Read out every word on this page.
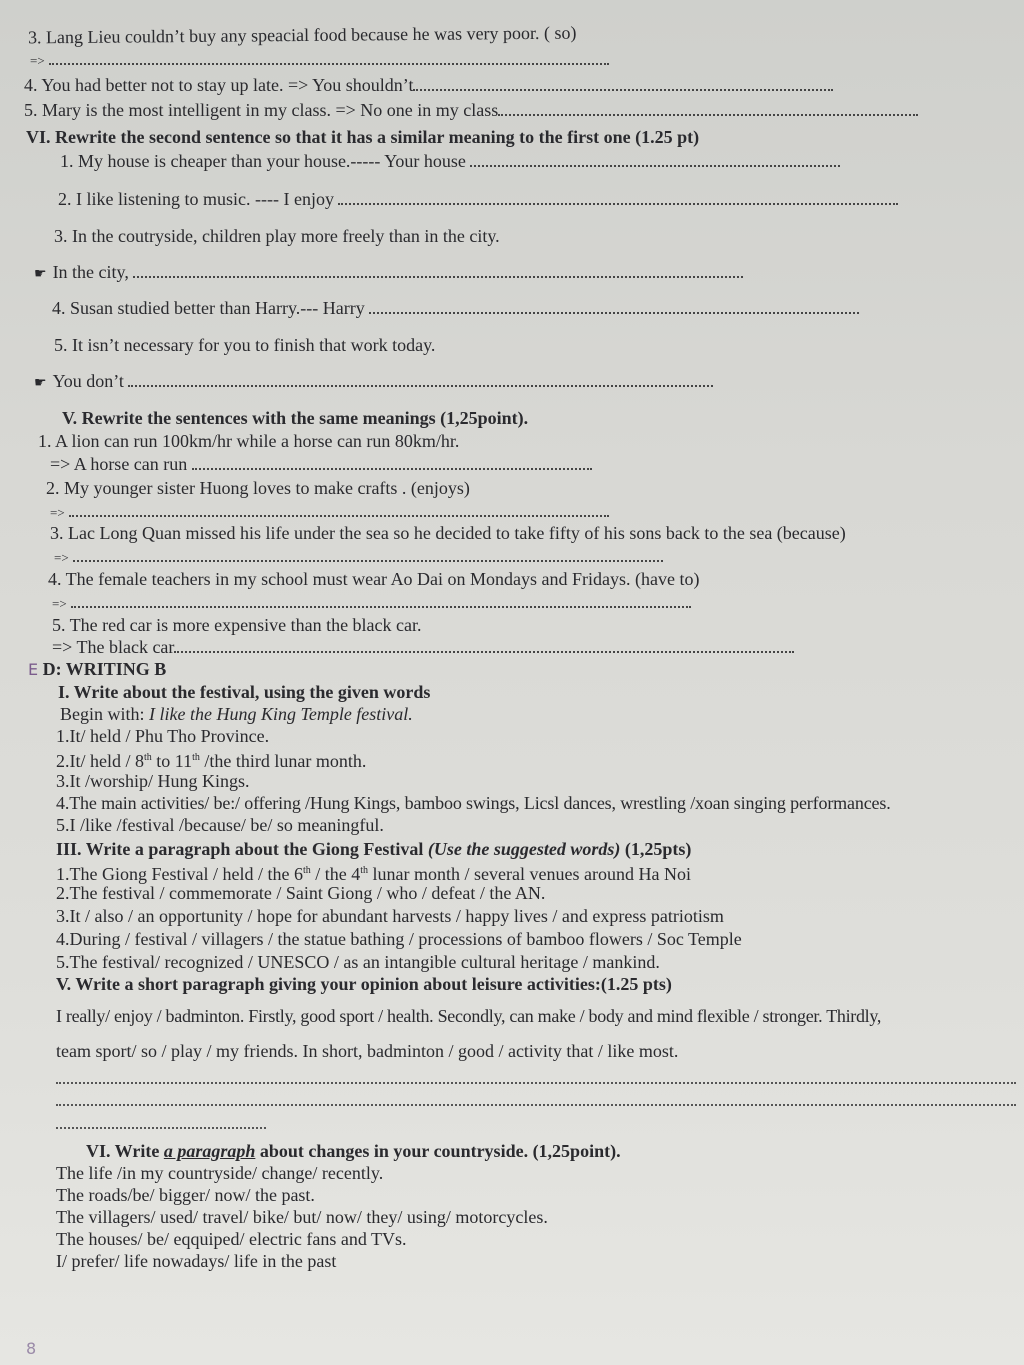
3. Lang Lieu couldn’t buy any speacial food because he was very poor. ( so)
=>
4. You had better not to stay up late. => You shouldn’t
5. Mary is the most intelligent in my class. => No one in my class
VI. Rewrite the second sentence so that it has a similar meaning to the first one (1.25 pt)
1. My house is cheaper than your house.----- Your house
2. I like listening to music. ---- I enjoy
3. In the coutryside, children play more freely than in the city.
☛ In the city,
4. Susan studied better than Harry.--- Harry
5. It isn’t necessary for you to finish that work today.
☛ You don’t
V. Rewrite the sentences with the same meanings (1,25point).
1. A lion can run 100km/hr while a horse can run 80km/hr.
=> A horse can run
2. My younger sister Huong loves to make crafts . (enjoys)
=>
3. Lac Long Quan missed his life under the sea so he decided to take fifty of his sons back to the sea (because)
=>
4. The female teachers in my school must wear Ao Dai on Mondays and Fridays. (have to)
=>
5. The red car is more expensive than the black car.
=> The black car
E D: WRITING B
I. Write about the festival, using the given words
Begin with: I like the Hung King Temple festival.
1.It/ held / Phu Tho Province.
2.It/ held / 8th to 11th /the third lunar month.
3.It /worship/ Hung Kings.
4.The main activities/ be:/ offering /Hung Kings, bamboo swings, Licsl dances, wrestling /xoan singing performances.
5.I /like /festival /because/ be/ so meaningful.
III. Write a paragraph about the Giong Festival (Use the suggested words) (1,25pts)
1.The Giong Festival / held / the 6th / the 4th lunar month / several venues around Ha Noi
2.The festival / commemorate / Saint Giong / who / defeat / the AN.
3.It / also / an opportunity / hope for abundant harvests / happy lives / and express patriotism
4.During / festival / villagers / the statue bathing / processions of bamboo flowers / Soc Temple
5.The festival/ recognized / UNESCO / as an intangible cultural heritage / mankind.
V. Write a short paragraph giving your opinion about leisure activities:(1.25 pts)
I really/ enjoy / badminton. Firstly, good sport / health. Secondly, can make / body and mind flexible / stronger. Thirdly,
team sport/ so / play / my friends. In short, badminton / good / activity that / like most.
VI. Write a paragraph about changes in your countryside. (1,25point).
The life /in my countryside/ change/ recently.
The roads/be/ bigger/ now/ the past.
The villagers/ used/ travel/ bike/ but/ now/ they/ using/ motorcycles.
The houses/ be/ eqquiped/ electric fans and TVs.
I/ prefer/ life nowadays/ life in the past
8
